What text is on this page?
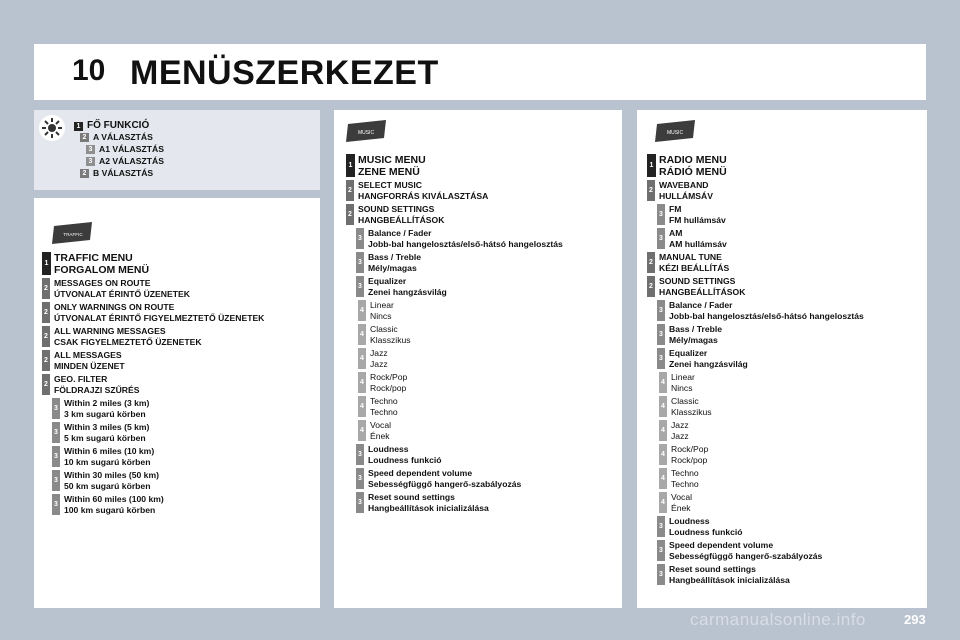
10 MENÜSZERKEZET
1 FŐ FUNKCIÓ
2 A VÁLASZTÁS
3 A1 VÁLASZTÁS
3 A2 VÁLASZTÁS
2 B VÁLASZTÁS
MUSIC	MUSIC
TRAFFIC
1 TRAFFIC MENU
FORGALOM MENÜ
2
MESSAGES ON ROUTE
ÚTVONALAT ÉRINTŐ ÜZENETEK
2
ONLY WARNINGS ON ROUTE
ÚTVONALAT ÉRINTŐ FIGYELMEZTETŐ ÜZENETEK
2
ALL WARNING MESSAGES
CSAK FIGYELMEZTETŐ ÜZENETEK
2
ALL MESSAGES
MINDEN ÜZENET
2
GEO. FILTER
FÖLDRAJZI SZŰRÉS
3
Within 2 miles (3 km)
3 km sugarú körben
3
Within 3 miles (5 km)
5 km sugarú körben
3
Within 6 miles (10 km)
10 km sugarú körben
3
Within 30 miles (50 km)
50 km sugarú körben
3
Within 60 miles (100 km)
100 km sugarú körben
1 MUSIC MENU
ZENE MENÜ
2
SELECT MUSIC
HANGFORRÁS KIVÁLASZTÁSA
2
SOUND SETTINGS
HANGBEÁLLÍTÁSOK
3
Balance / Fader
Jobb-bal hangelosztás/első-hátsó hangelosztás
3
Bass / Treble
Mély/magas
3
Equalizer
Zenei hangzásvilág
4
Linear
Nincs
4
Classic
Klasszikus
4
Jazz
Jazz
4
Rock/Pop
Rock/pop
4
Techno
Techno
4
Vocal
Ének
3
Loudness
Loudness funkció
3
Speed dependent volume
Sebességfüggő hangerő-szabályozás
3
Reset sound settings
Hangbeállítások inicializálása
1 RADIO MENU
RÁDIÓ MENÜ
2
WAVEBAND
HULLÁMSÁV
3
FM
FM hullámsáv
3
AM
AM hullámsáv
2
MANUAL TUNE
KÉZI BEÁLLÍTÁS
2
SOUND SETTINGS
HANGBEÁLLÍTÁSOK
3
Balance / Fader
Jobb-bal hangelosztás/első-hátsó hangelosztás
3
Bass / Treble
Mély/magas
3
Equalizer
Zenei hangzásvilág
4
Linear
Nincs
4
Classic
Klasszikus
4
Jazz
Jazz
4
Rock/Pop
Rock/pop
4
Techno
Techno
4
Vocal
Ének
3
Loudness
Loudness funkció
3
Speed dependent volume
Sebességfüggő hangerő-szabályozás
3
Reset sound settings
Hangbeállítások inicializálása
carmanualsonline.info	293
